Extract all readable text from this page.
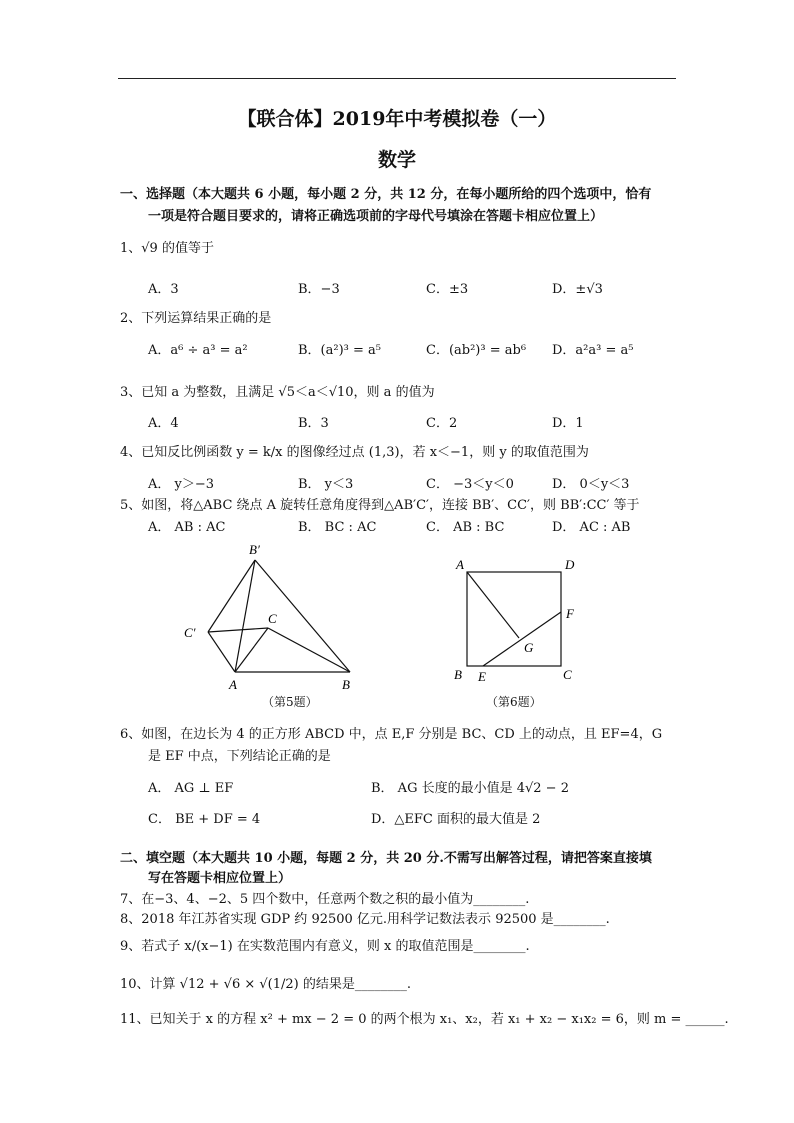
【联合体】2019年中考模拟卷（一）
数学
一、选择题（本大题共 6 小题，每小题 2 分，共 12 分，在每小题所给的四个选项中，恰有
一项是符合题目要求的，请将正确选项前的字母代号填涂在答题卡相应位置上）
1、√9 的值等于
A．3	B．−3	C．±3	D．±√3
2、下列运算结果正确的是
A．a⁶ ÷ a³ = a²	B．(a²)³ = a⁵	C．(ab²)³ = ab⁶ D．a²a³ = a⁵
3、已知 a 为整数，且满足 √5＜a＜√10，则 a 的值为
A．4	B．3	C．2	D．1
4、已知反比例函数 y = k/x 的图像经过点 (1,3)，若 x＜−1，则 y 的取值范围为
A． y＞−3	B． y＜3	C． −3＜y＜0	D． 0＜y＜3
5、如图，将△ABC 绕点 A 旋转任意角度得到△AB′C′，连接 BB′、CC′，则 BB′:CC′ 等于
A． AB : AC	B． BC : AC	C． AB : BC	D． AC : AB
B′
C′
C
A	B
（第5题）
A	D
F
G
B E	C
（第6题）
6、如图，在边长为 4 的正方形 ABCD 中，点 E,F 分别是 BC、CD 上的动点，且 EF=4，G
是 EF 中点，下列结论正确的是
A． AG ⊥ EF	B． AG 长度的最小值是 4√2 − 2
C． BE + DF = 4	D．△EFC 面积的最大值是 2
二、填空题（本大题共 10 小题，每题 2 分，共 20 分.不需写出解答过程，请把答案直接填
写在答题卡相应位置上）
7、在−3、4、−2、5 四个数中，任意两个数之积的最小值为________.
8、2018 年江苏省实现 GDP 约 92500 亿元.用科学记数法表示 92500 是________.
9、若式子 x/(x−1) 在实数范围内有意义，则 x 的取值范围是________.
10、计算 √12 + √6 × √(1/2) 的结果是________.
11、已知关于 x 的方程 x² + mx − 2 = 0 的两个根为 x₁、x₂，若 x₁ + x₂ − x₁x₂ = 6，则 m = ______.
